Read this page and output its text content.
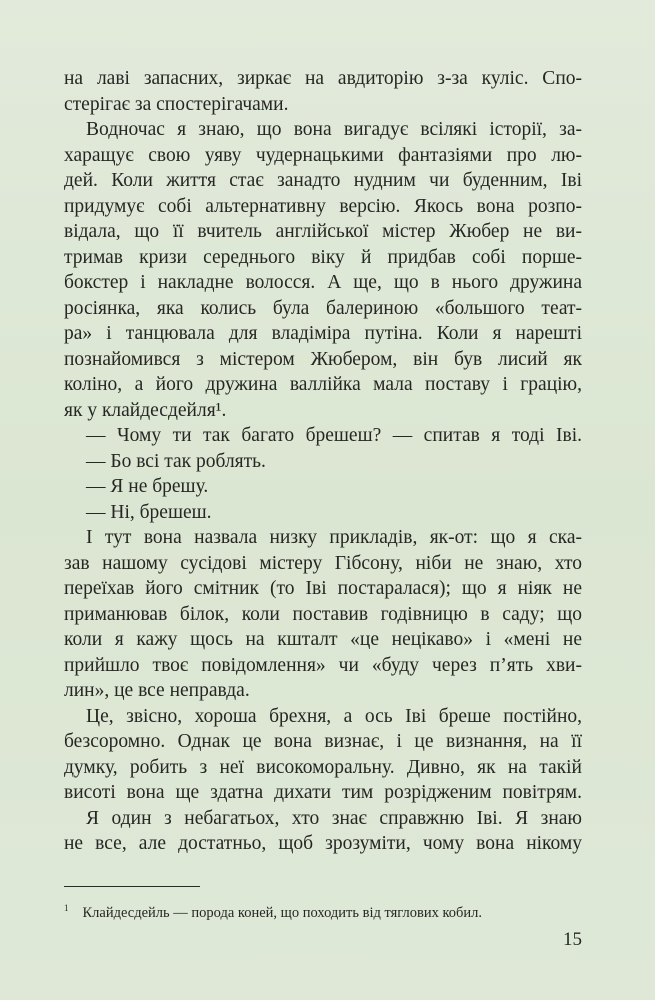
на лаві запасних, зиркає на авдиторію з-за куліс. Спо-
стерігає за спостерігачами.
Водночас я знаю, що вона вигадує всілякі історії, за-
харащує свою уяву чудернацькими фантазіями про лю-
дей. Коли життя стає занадто нудним чи буденним, Іві
придумує собі альтернативну версію. Якось вона розпо-
відала, що її вчитель англійської містер Жюбер не ви-
тримав кризи середнього віку й придбав собі порше-
бокстер і накладне волосся. А ще, що в нього дружина
росіянка, яка колись була балериною «большого теат-
ра» і танцювала для владіміра путіна. Коли я нарешті
познайомився з містером Жюбером, він був лисий як
коліно, а його дружина валлійка мала поставу і грацію,
як у клайдесдейля¹.
— Чому ти так багато брешеш? — спитав я тоді Іві.
— Бо всі так роблять.
— Я не брешу.
— Ні, брешеш.
І тут вона назвала низку прикладів, як-от: що я ска-
зав нашому сусідові містеру Гібсону, ніби не знаю, хто
переїхав його смітник (то Іві постаралася); що я ніяк не
приманював білок, коли поставив годівницю в саду; що
коли я кажу щось на кшталт «це нецікаво» і «мені не
прийшло твоє повідомлення» чи «буду через п’ять хви-
лин», це все неправда.
Це, звісно, хороша брехня, а ось Іві бреше постійно,
безсоромно. Однак це вона визнає, і це визнання, на її
думку, робить з неї високоморальну. Дивно, як на такій
висоті вона ще здатна дихати тим розрідженим повітрям.
Я один з небагатьох, хто знає справжню Іві. Я знаю
не все, але достатньо, щоб зрозуміти, чому вона нікому
$^1$ Клайдесдейль — порода коней, що походить від тяглових кобил.
15
